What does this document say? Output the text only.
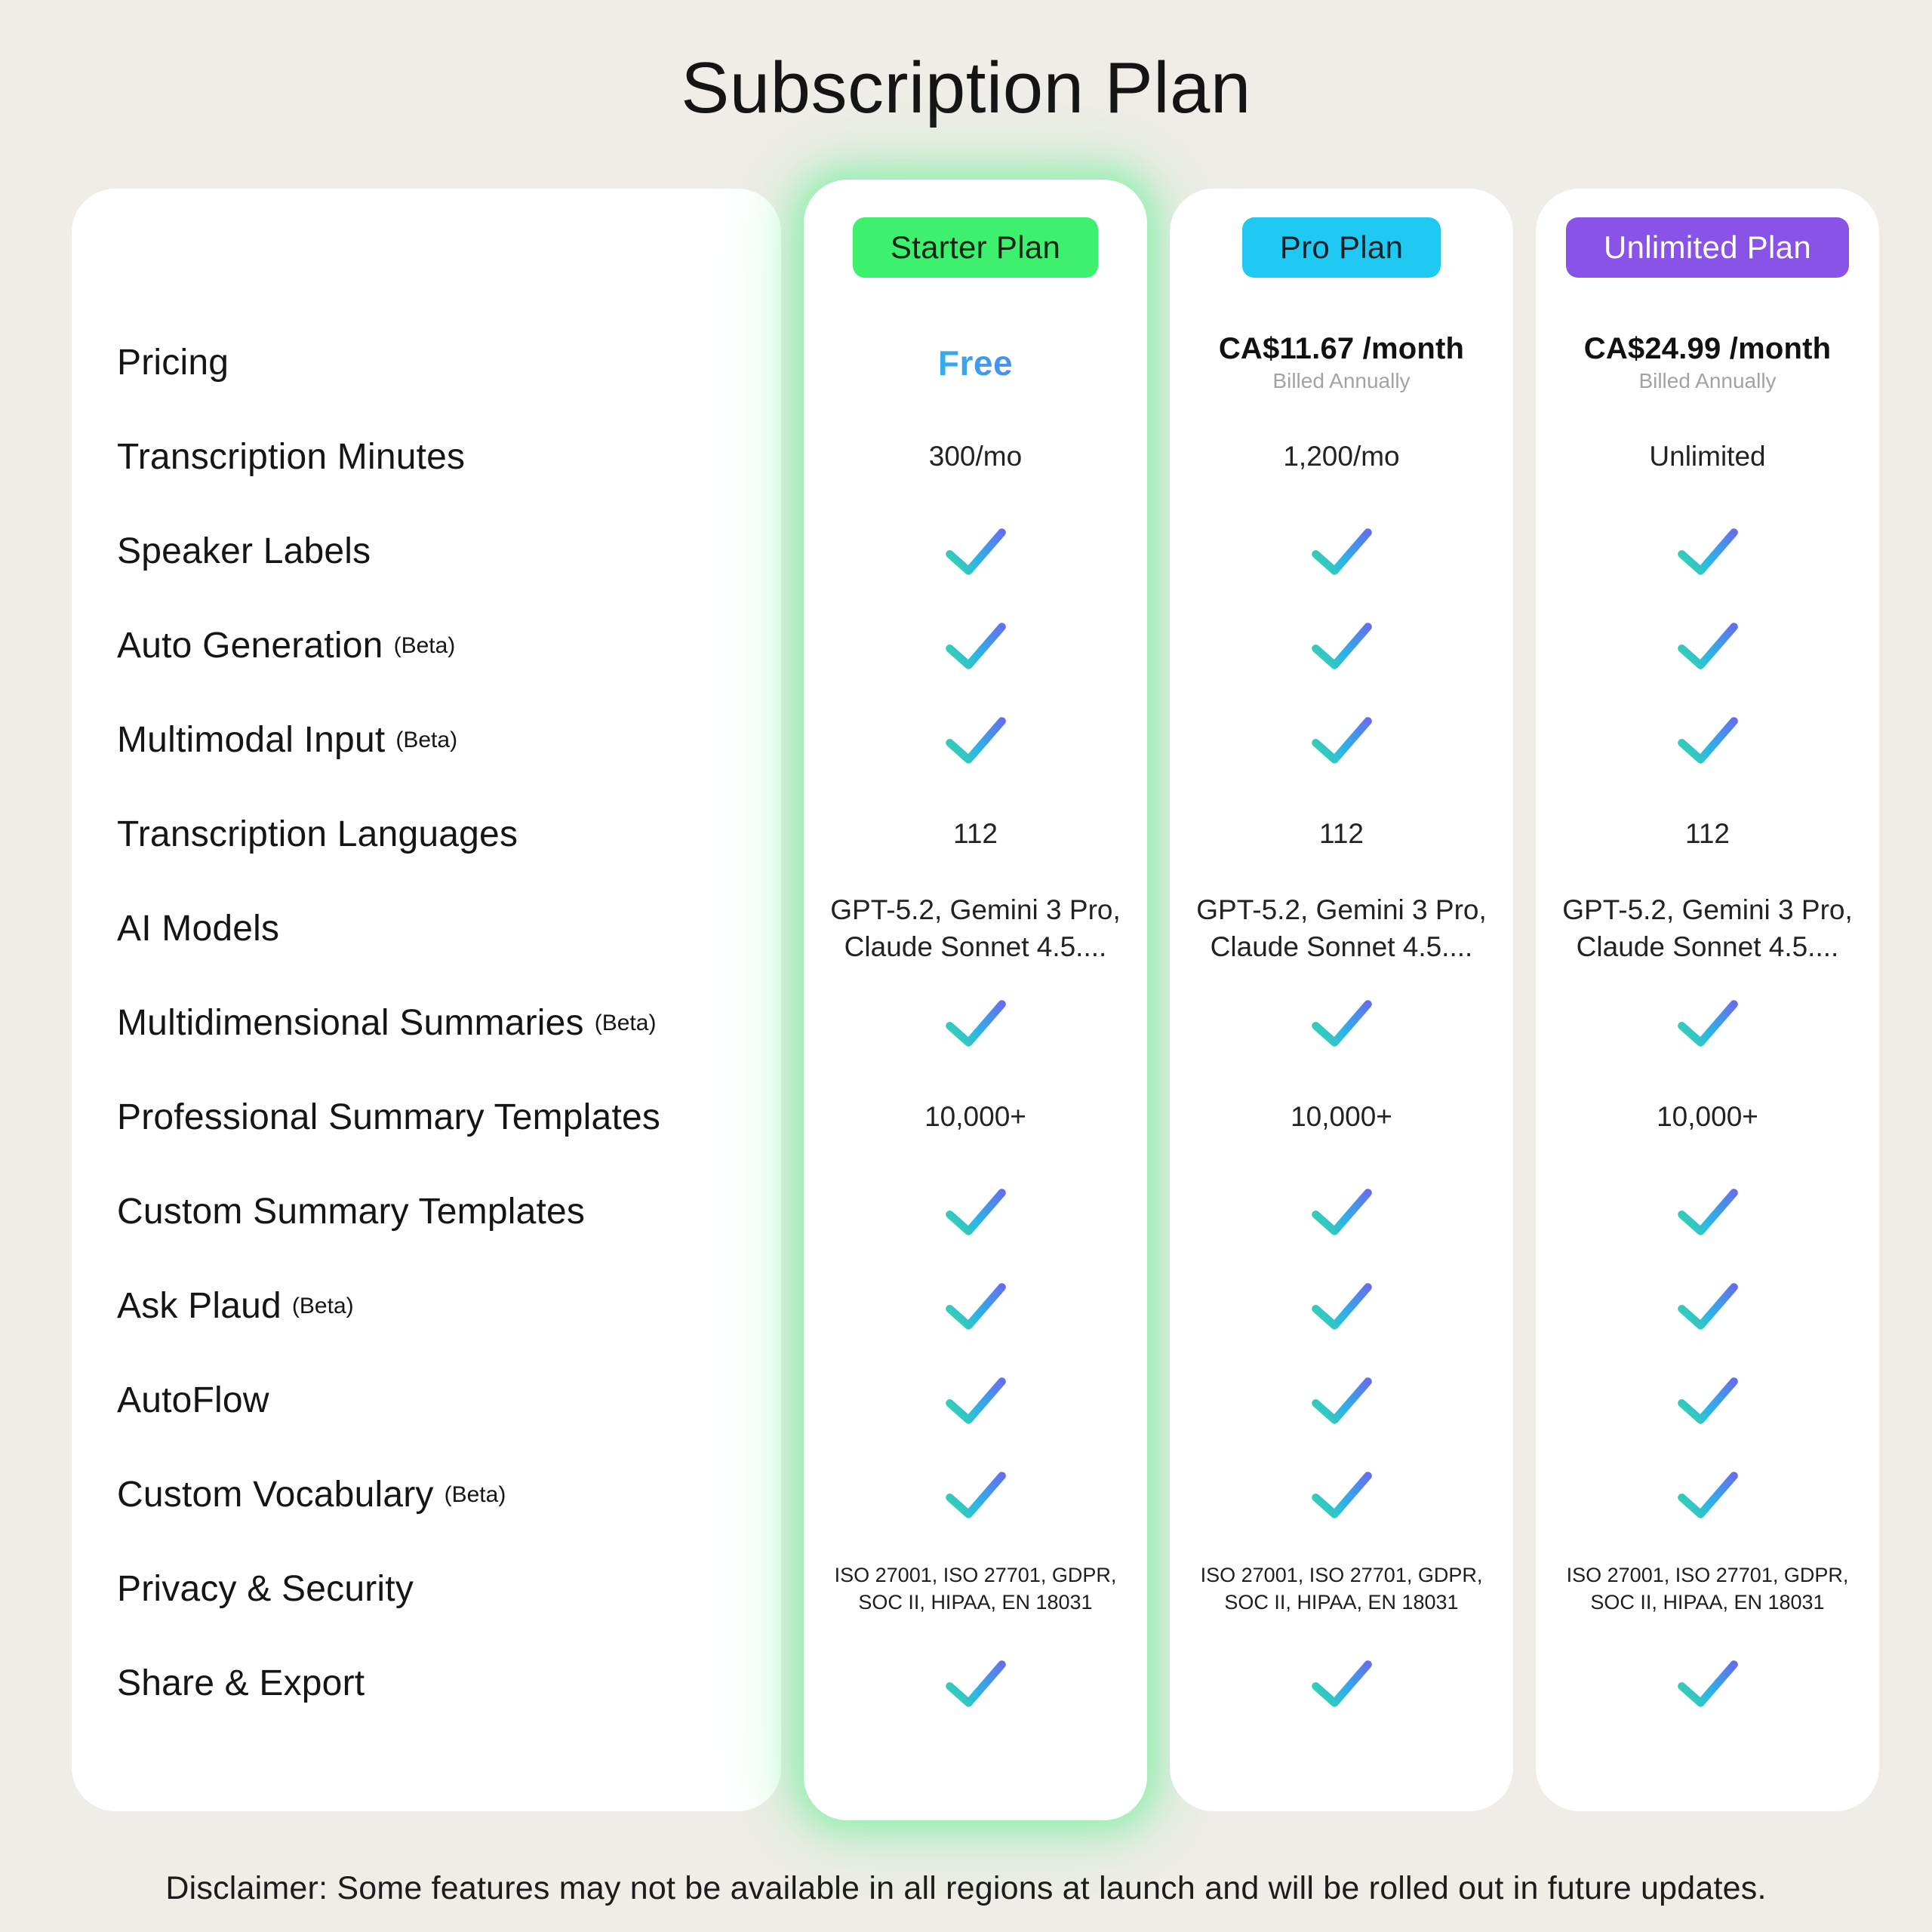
Subscription Plan
Pricing
Transcription Minutes
Speaker Labels
Auto Generation (Beta)
Multimodal Input (Beta)
Transcription Languages
AI Models
Multidimensional Summaries (Beta)
Professional Summary Templates
Custom Summary Templates
Ask Plaud (Beta)
AutoFlow
Custom Vocabulary (Beta)
Privacy & Security
Share & Export
Starter Plan
Free
300/mo
112
GPT-5.2, Gemini 3 Pro, Claude Sonnet 4.5....
10,000+
ISO 27001, ISO 27701, GDPR, SOC II, HIPAA, EN 18031
Pro Plan
CA$11.67 /month
Billed Annually
1,200/mo
112
GPT-5.2, Gemini 3 Pro, Claude Sonnet 4.5....
10,000+
ISO 27001, ISO 27701, GDPR, SOC II, HIPAA, EN 18031
Unlimited Plan
CA$24.99 /month
Billed Annually
Unlimited
112
GPT-5.2, Gemini 3 Pro, Claude Sonnet 4.5....
10,000+
ISO 27001, ISO 27701, GDPR, SOC II, HIPAA, EN 18031
Disclaimer: Some features may not be available in all regions at launch and will be rolled out in future updates.
